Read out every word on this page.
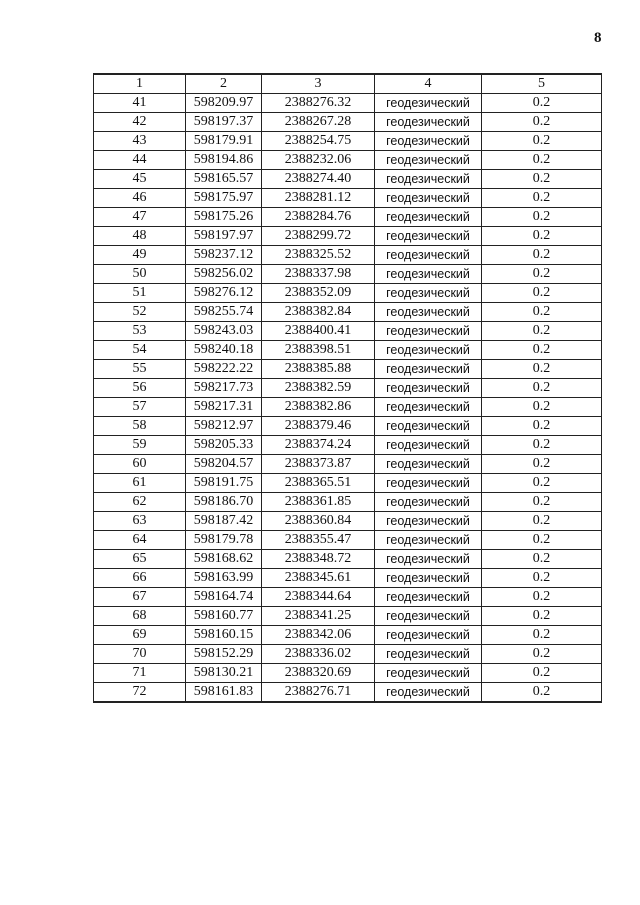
8
1	2	3	4	5
41	598209.97	2388276.32	геодезический	0.2
42	598197.37	2388267.28	геодезический	0.2
43	598179.91	2388254.75	геодезический	0.2
44	598194.86	2388232.06	геодезический	0.2
45	598165.57	2388274.40	геодезический	0.2
46	598175.97	2388281.12	геодезический	0.2
47	598175.26	2388284.76	геодезический	0.2
48	598197.97	2388299.72	геодезический	0.2
49	598237.12	2388325.52	геодезический	0.2
50	598256.02	2388337.98	геодезический	0.2
51	598276.12	2388352.09	геодезический	0.2
52	598255.74	2388382.84	геодезический	0.2
53	598243.03	2388400.41	геодезический	0.2
54	598240.18	2388398.51	геодезический	0.2
55	598222.22	2388385.88	геодезический	0.2
56	598217.73	2388382.59	геодезический	0.2
57	598217.31	2388382.86	геодезический	0.2
58	598212.97	2388379.46	геодезический	0.2
59	598205.33	2388374.24	геодезический	0.2
60	598204.57	2388373.87	геодезический	0.2
61	598191.75	2388365.51	геодезический	0.2
62	598186.70	2388361.85	геодезический	0.2
63	598187.42	2388360.84	геодезический	0.2
64	598179.78	2388355.47	геодезический	0.2
65	598168.62	2388348.72	геодезический	0.2
66	598163.99	2388345.61	геодезический	0.2
67	598164.74	2388344.64	геодезический	0.2
68	598160.77	2388341.25	геодезический	0.2
69	598160.15	2388342.06	геодезический	0.2
70	598152.29	2388336.02	геодезический	0.2
71	598130.21	2388320.69	геодезический	0.2
72	598161.83	2388276.71	геодезический	0.2
